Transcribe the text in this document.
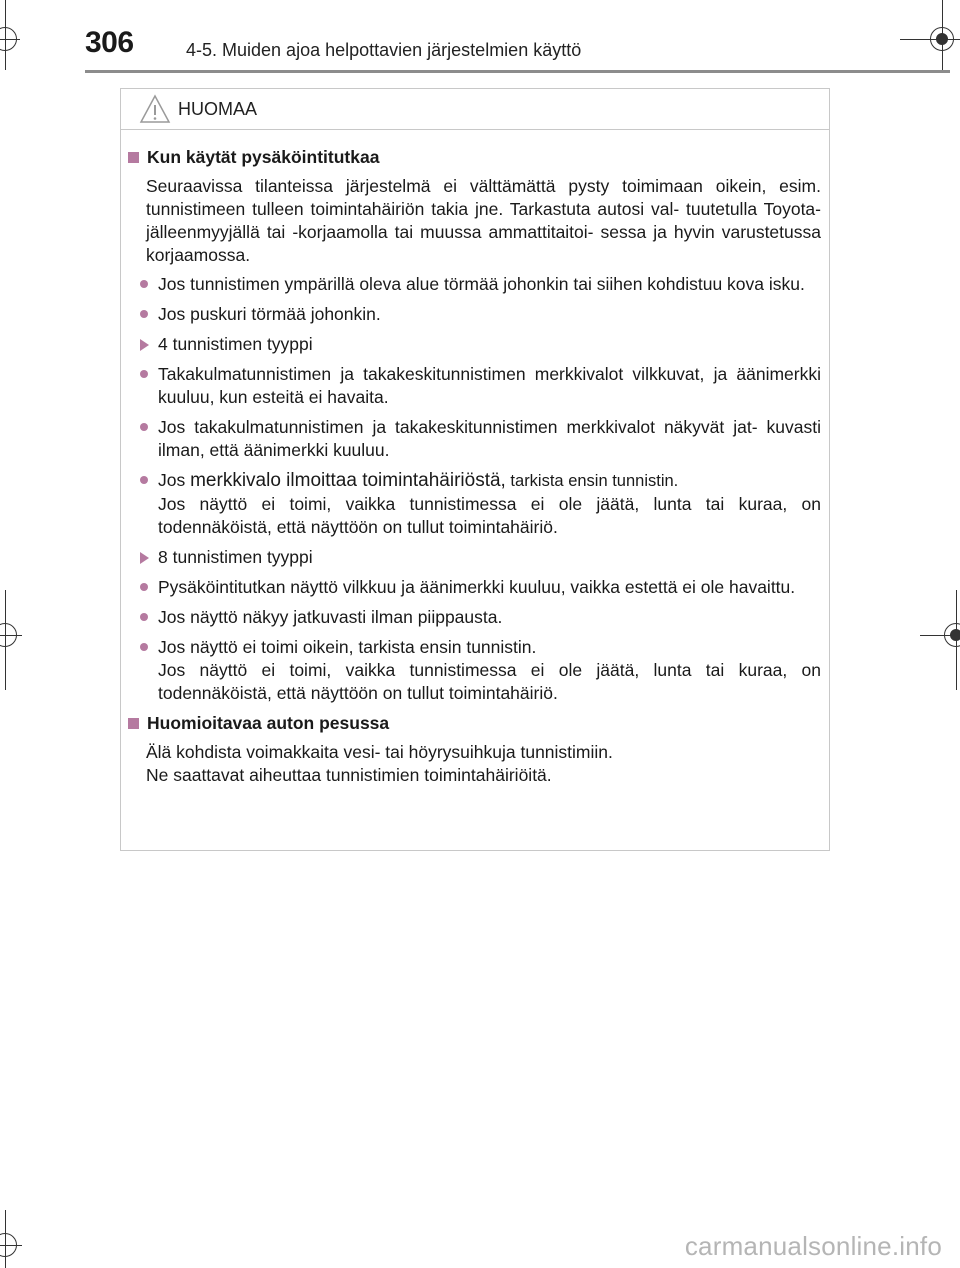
306	4-5. Muiden ajoa helpottavien järjestelmien käyttö
HUOMAA
Kun käytät pysäköintitutkaa
Seuraavissa tilanteissa järjestelmä ei välttämättä pysty toimimaan oikein, esim. tunnistimeen tulleen toimintahäiriön takia jne. Tarkastuta autosi val- tuutetulla Toyota-jälleenmyyjällä tai -korjaamolla tai muussa ammattitaitoi- sessa ja hyvin varustetussa korjaamossa.
Jos tunnistimen ympärillä oleva alue törmää johonkin tai siihen kohdistuu kova isku.
Jos puskuri törmää johonkin.
4 tunnistimen tyyppi
Takakulmatunnistimen ja takakeskitunnistimen merkkivalot vilkkuvat, ja äänimerkki kuuluu, kun esteitä ei havaita.
Jos takakulmatunnistimen ja takakeskitunnistimen merkkivalot näkyvät jat- kuvasti ilman, että äänimerkki kuuluu.
Jos merkkivalo ilmoittaa toimintahäiriöstä, tarkista ensin tunnistin.
Jos näyttö ei toimi, vaikka tunnistimessa ei ole jäätä, lunta tai kuraa, on todennäköistä, että näyttöön on tullut toimintahäiriö.
8 tunnistimen tyyppi
Pysäköintitutkan näyttö vilkkuu ja äänimerkki kuuluu, vaikka estettä ei ole havaittu.
Jos näyttö näkyy jatkuvasti ilman piippausta.
Jos näyttö ei toimi oikein, tarkista ensin tunnistin.
Jos näyttö ei toimi, vaikka tunnistimessa ei ole jäätä, lunta tai kuraa, on todennäköistä, että näyttöön on tullut toimintahäiriö.
Huomioitavaa auton pesussa
Älä kohdista voimakkaita vesi- tai höyrysuihkuja tunnistimiin.
Ne saattavat aiheuttaa tunnistimien toimintahäiriöitä.
carmanualsonline.info
